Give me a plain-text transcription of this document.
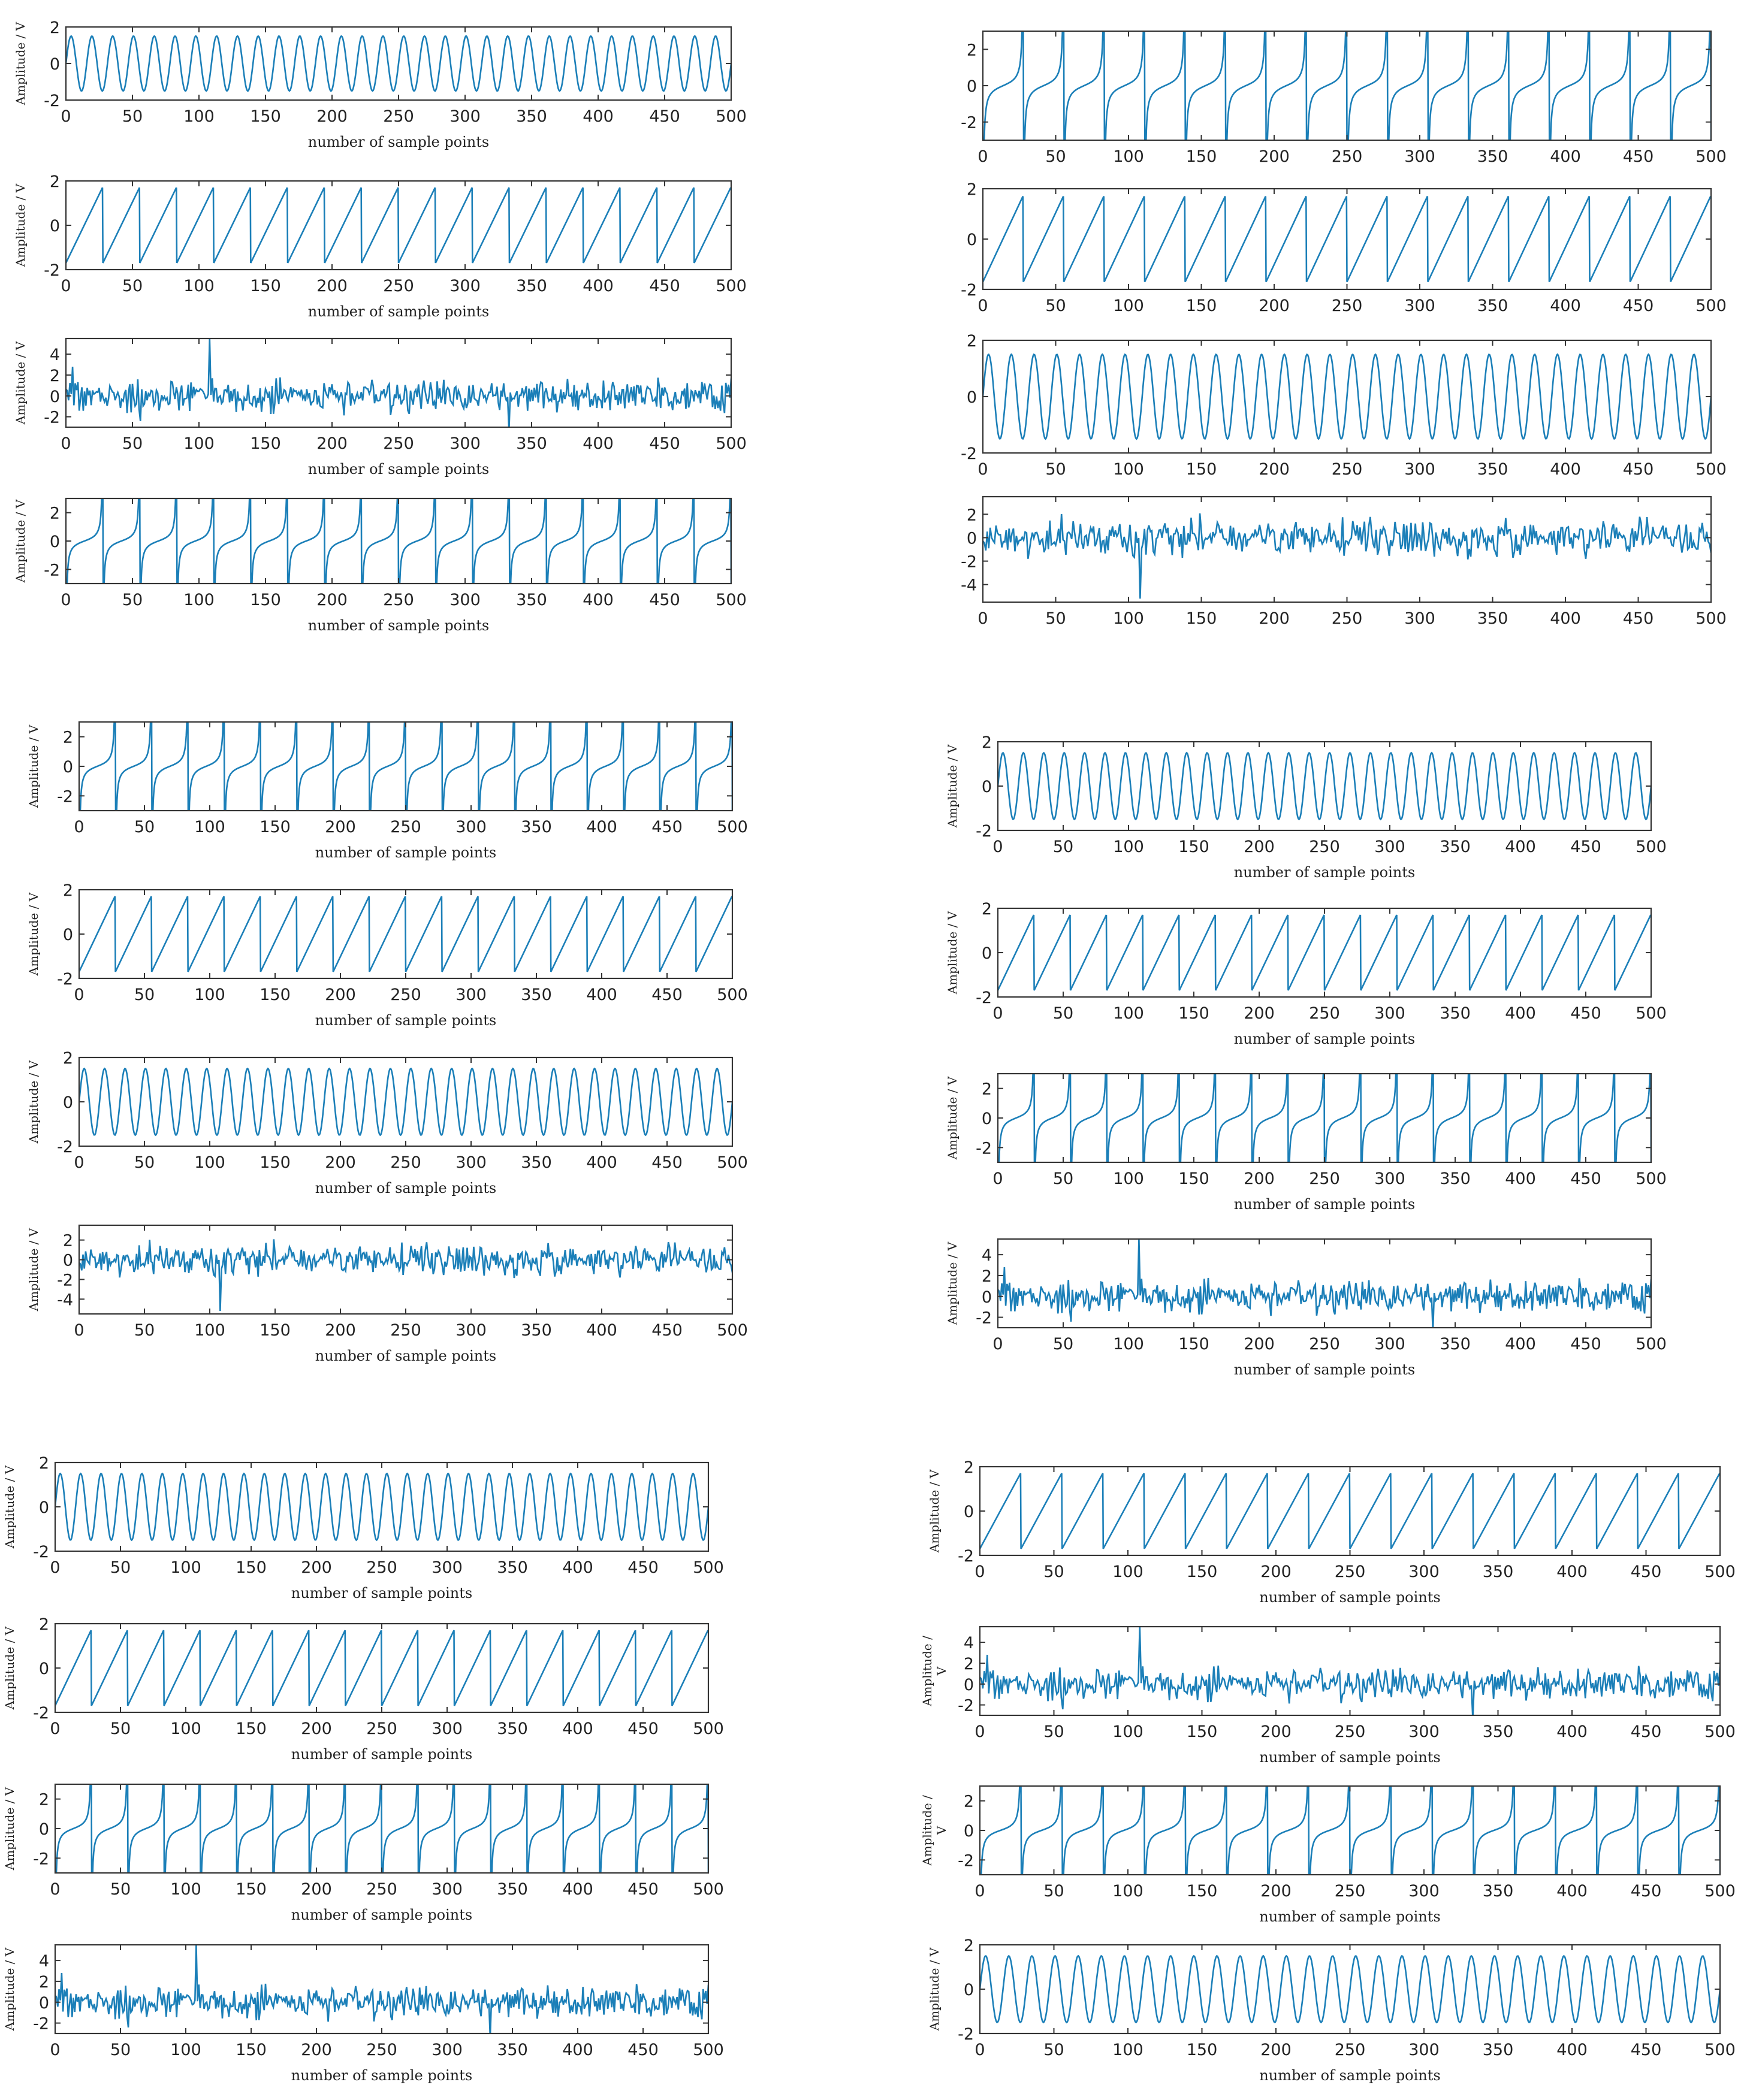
0	50	100 150 200 250 300 350 400 450 500
-2
0
2
Amplitude / V
number of sample points
0	50	100 150 200 250 300 350 400 450 500
-2
0
2
Amplitude / V
number of sample points
0	50	100 150 200 250 300 350 400 450 500
-2
0
2
4
Amplitude / V
number of sample points
0	50	100 150 200 250 300 350 400 450 500
-2
0
2
Amplitude / V
number of sample points
0	50	100	150	200	250	300	350	400	450	500
-2
0
2
0	50	100	150	200	250	300	350	400	450	500
-2
0
2
0	50	100	150	200	250	300	350	400	450	500
-2
0
2
0	50	100	150	200	250	300	350	400	450	500
-4
-2
0
2
0	50 100 150 200 250 300 350 400 450 500
-2
0
2
Amplitude / V
number of sample points
0	50 100 150 200 250 300 350 400 450 500
-2
0
2
Amplitude / V
number of sample points
0	50 100 150 200 250 300 350 400 450 500
-2
0
2
Amplitude / V
number of sample points
0	50 100 150 200 250 300 350 400 450 500
-4
-2
0
2
Amplitude / V
number of sample points
0	50 100 150 200 250 300 350 400 450 500
-2
0
2
Amplitude / V
number of sample points
0	50 100 150 200 250 300 350 400 450 500
-2
0
2
Amplitude / V
number of sample points
0	50 100 150 200 250 300 350 400 450 500
-2
0
2
Amplitude / V
number of sample points
0	50 100 150 200 250 300 350 400 450 500
-2
0
2
4
Amplitude / V
number of sample points
0	50 100 150 200 250 300 350 400 450 500
-2
0
2
Amplitude / V
number of sample points
0	50 100 150 200 250 300 350 400 450 500
-2
0
2
Amplitude / V
number of sample points
0	50 100 150 200 250 300 350 400 450 500
-2
0
2
Amplitude / V
number of sample points
0	50 100 150 200 250 300 350 400 450 500
-2
0
2
4
Amplitude / V
number of sample points
0	50	100	150	200	250	300	350	400	450	500
-2
0
2
Amplitude / V
number of sample points
0	50	100	150	200	250	300	350	400	450	500
-2
0
2
4
Amplitude /V
number of sample points
0	50	100	150	200	250	300	350	400	450	500
-2
0
2
Amplitude /V
number of sample points
0	50	100	150	200	250	300	350	400	450	500
-2
0
2
Amplitude / V
number of sample points
